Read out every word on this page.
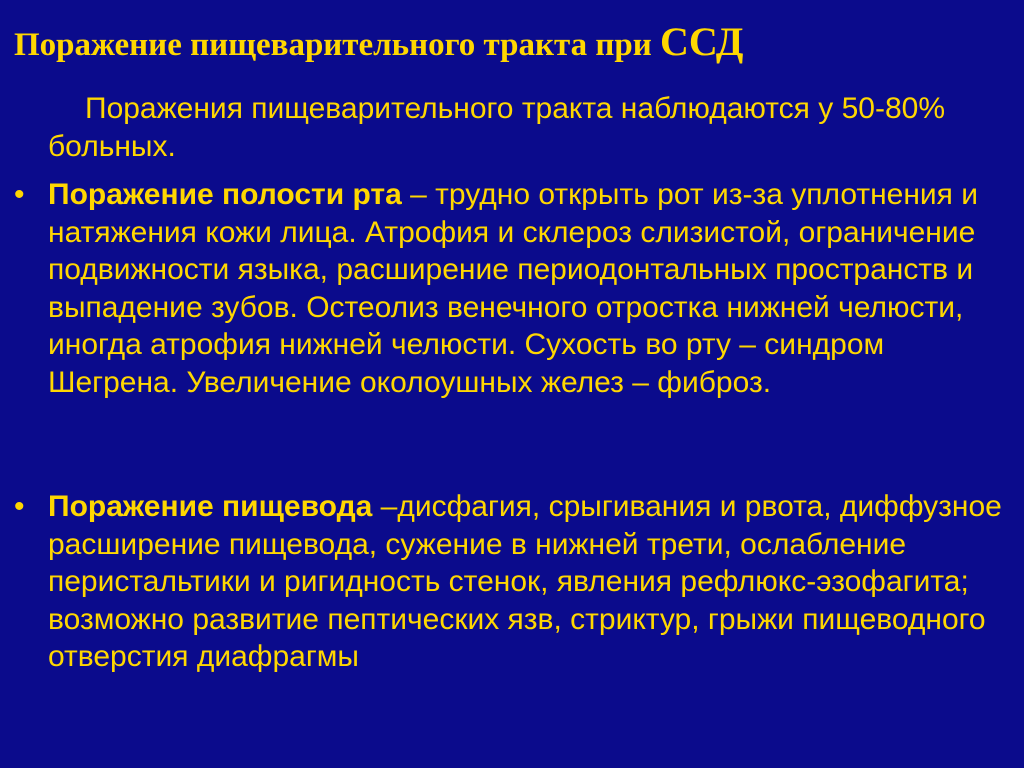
Поражение пищеварительного тракта при ССД
Поражения пищеварительного тракта наблюдаются у 50-80% больных.
• Поражение полости рта – трудно открыть рот из-за уплотнения и натяжения кожи лица. Атрофия и склероз слизистой, ограничение подвижности языка, расширение периодонтальных пространств и выпадение зубов. Остеолиз венечного отростка нижней челюсти, иногда атрофия нижней челюсти. Сухость во рту – синдром Шегрена. Увеличение околоушных желез – фиброз.
• Поражение пищевода –дисфагия, срыгивания и рвота, диффузное расширение пищевода, сужение в нижней трети, ослабление перистальтики и ригидность стенок, явления рефлюкс-эзофагита; возможно развитие пептических язв, стриктур, грыжи пищеводного отверстия диафрагмы
